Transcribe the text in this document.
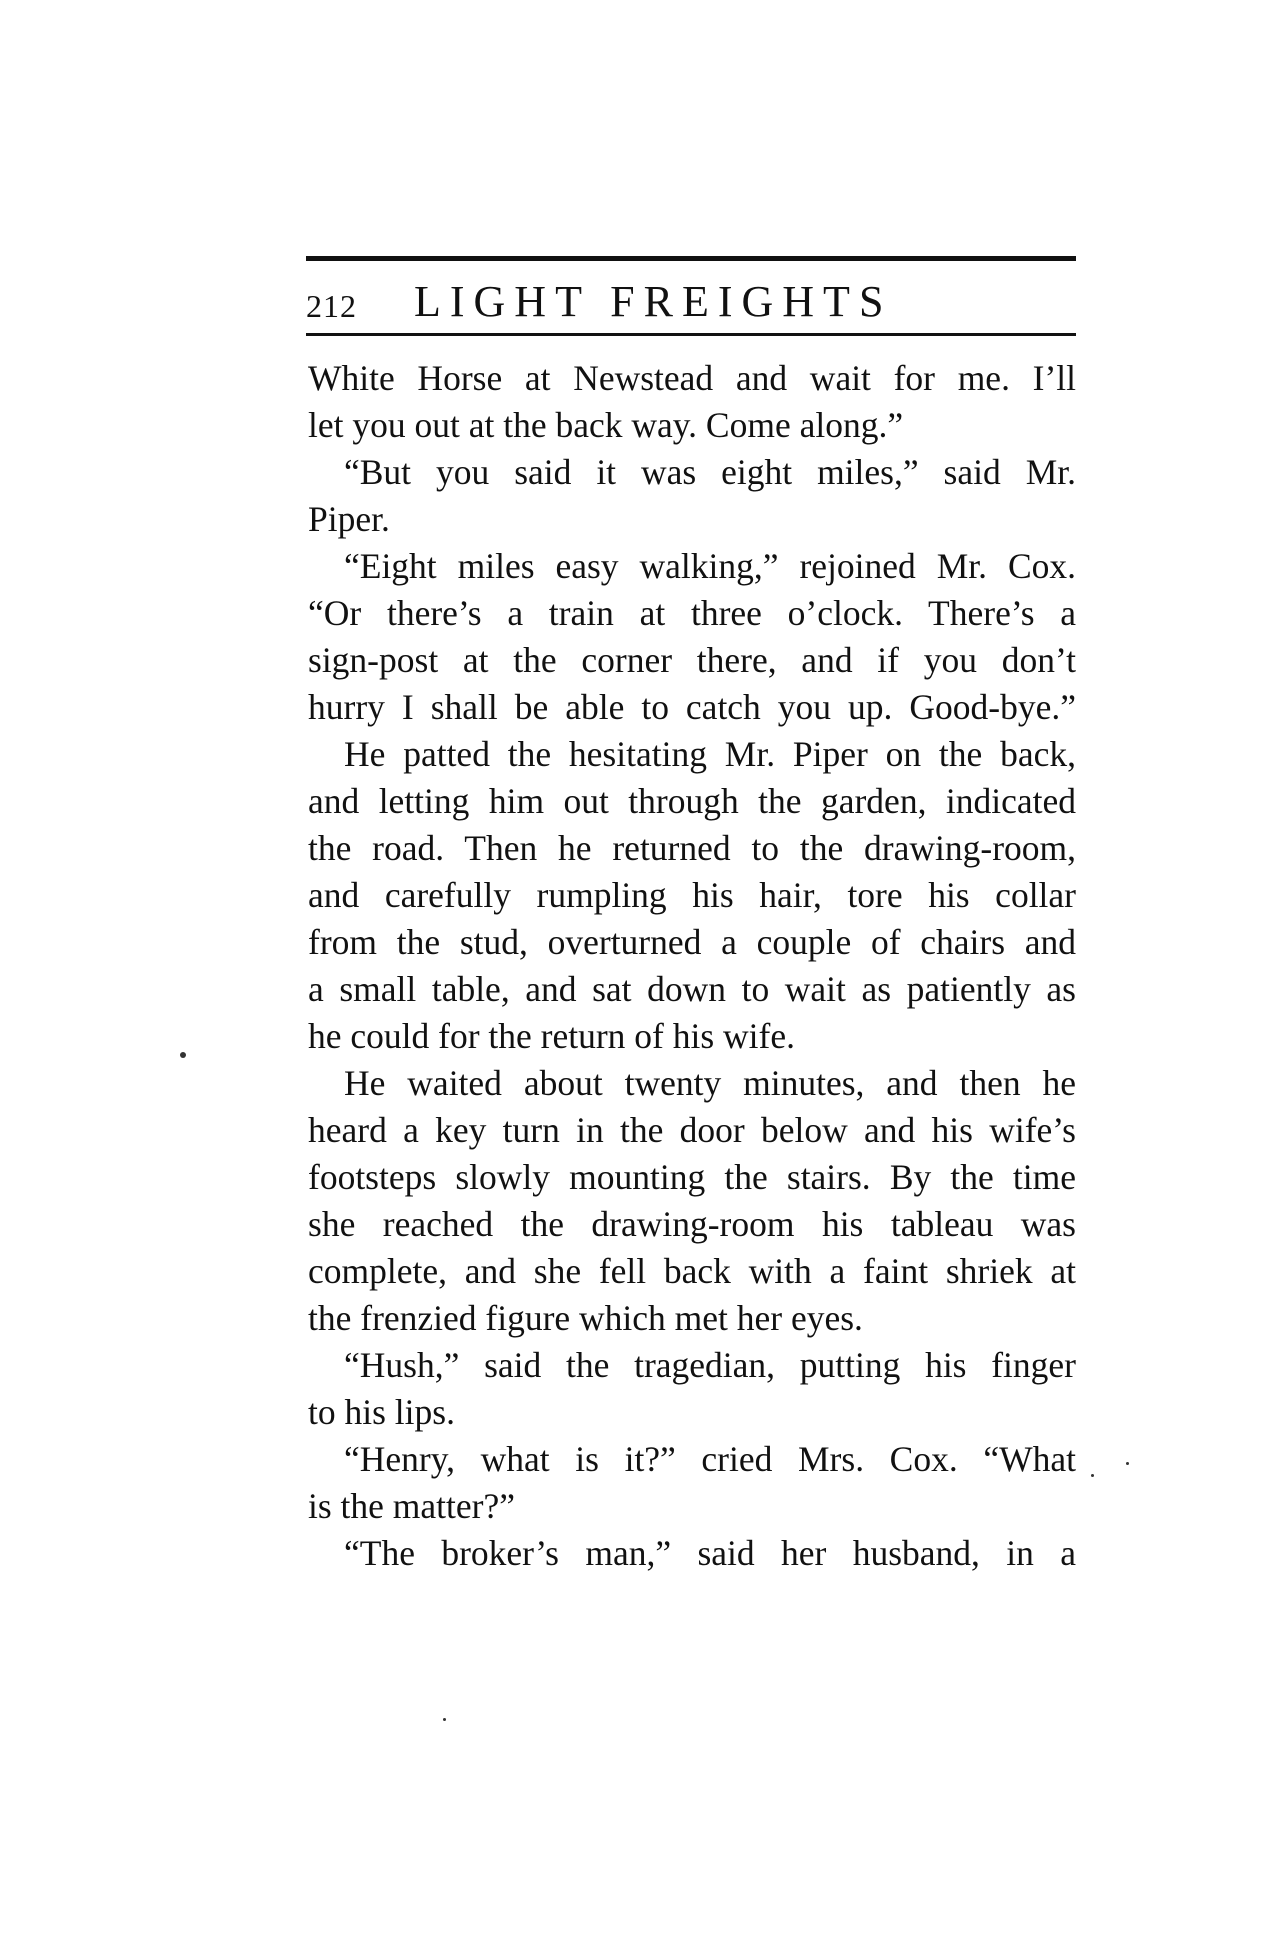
212 LIGHT FREIGHTS
White Horse at Newstead and wait for me. I’ll
let you out at the back way. Come along.”
“But you said it was eight miles,” said Mr.
Piper.
“Eight miles easy walking,” rejoined Mr. Cox.
“Or there’s a train at three o’clock. There’s a
sign-post at the corner there, and if you don’t
hurry I shall be able to catch you up. Good-bye.”
He patted the hesitating Mr. Piper on the back,
and letting him out through the garden, indicated
the road. Then he returned to the drawing-room,
and carefully rumpling his hair, tore his collar
from the stud, overturned a couple of chairs and
a small table, and sat down to wait as patiently as
he could for the return of his wife.
He waited about twenty minutes, and then he
heard a key turn in the door below and his wife’s
footsteps slowly mounting the stairs. By the time
she reached the drawing-room his tableau was
complete, and she fell back with a faint shriek at
the frenzied figure which met her eyes.
“Hush,” said the tragedian, putting his finger
to his lips.
“Henry, what is it?” cried Mrs. Cox. “What
is the matter?”
“The broker’s man,” said her husband, in a
